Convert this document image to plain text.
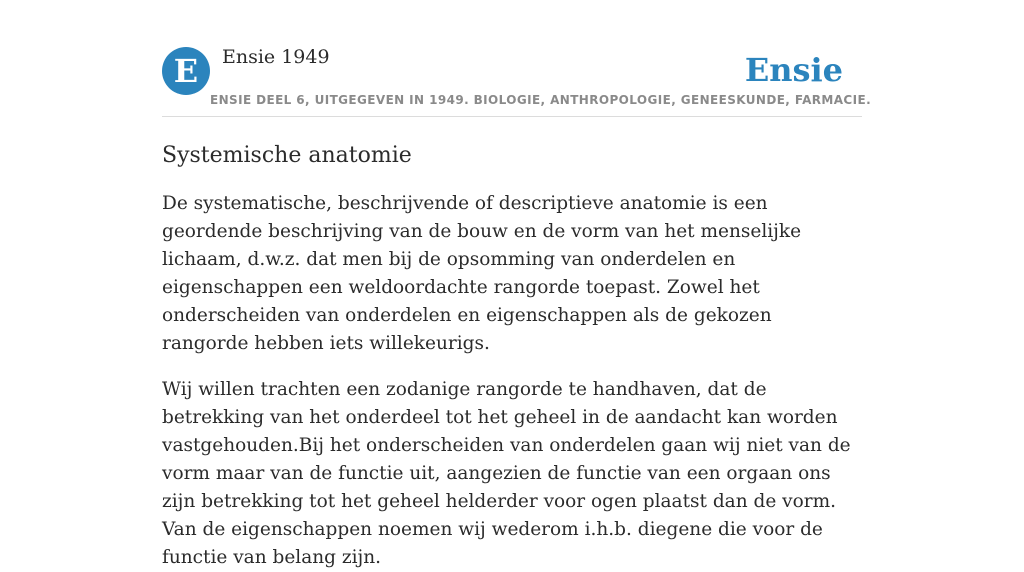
E	Ensie 1949	Ensie
ENSIE DEEL 6, UITGEGEVEN IN 1949. BIOLOGIE, ANTHROPOLOGIE, GENEESKUNDE, FARMACIE.
Systemische anatomie

De systematische, beschrijvende of descriptieve anatomie is een geordende beschrijving van de bouw en de vorm van het menselijke lichaam, d.w.z. dat men bij de opsomming van onderdelen en eigenschappen een weldoordachte rangorde toepast. Zowel het onderscheiden van onderdelen en eigenschappen als de gekozen rangorde hebben iets willekeurigs.

Wij willen trachten een zodanige rangorde te handhaven, dat de betrekking van het onderdeel tot het geheel in de aandacht kan worden vastgehouden.Bij het onderscheiden van onderdelen gaan wij niet van de vorm maar van de functie uit, aangezien de functie van een orgaan ons zijn betrekking tot het geheel helderder voor ogen plaatst dan de vorm. Van de eigenschappen noemen wij wederom i.h.b. diegene die voor de functie van belang zijn.
